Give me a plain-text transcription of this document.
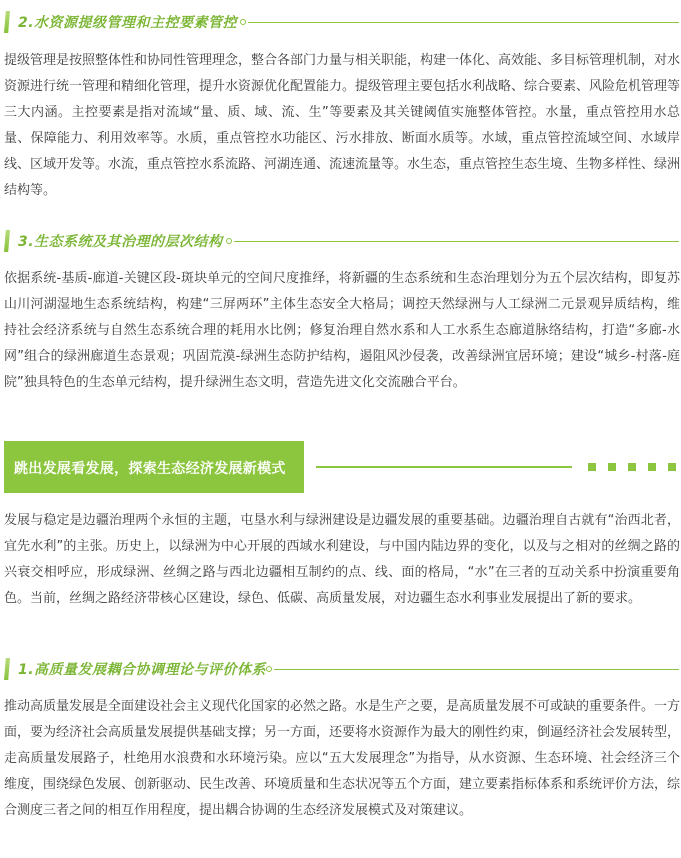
2.水资源提级管理和主控要素管控

提级管理是按照整体性和协同性管理理念，整合各部门力量与相关职能，构建一体化、高效能、多目标管理机制，对水资源进行统一管理和精细化管理，提升水资源优化配置能力。提级管理主要包括水利战略、综合要素、风险危机管理等三大内涵。主控要素是指对流域“量、质、域、流、生”等要素及其关键阈值实施整体管控。水量，重点管控用水总量、保障能力、利用效率等。水质，重点管控水功能区、污水排放、断面水质等。水域，重点管控流域空间、水域岸线、区域开发等。水流，重点管控水系流路、河湖连通、流速流量等。水生态，重点管控生态生境、生物多样性、绿洲结构等。

3.生态系统及其治理的层次结构

依据系统-基质-廊道-关键区段-斑块单元的空间尺度推绎，将新疆的生态系统和生态治理划分为五个层次结构，即复苏山川河湖湿地生态系统结构，构建“三屏两环”主体生态安全大格局；调控天然绿洲与人工绿洲二元景观异质结构，维持社会经济系统与自然生态系统合理的耗用水比例；修复治理自然水系和人工水系生态廊道脉络结构，打造“多廊-水网”组合的绿洲廊道生态景观；巩固荒漠-绿洲生态防护结构，遏阻风沙侵袭，改善绿洲宜居环境；建设“城乡-村落-庭院”独具特色的生态单元结构，提升绿洲生态文明，营造先进文化交流融合平台。

跳出发展看发展，探索生态经济发展新模式

发展与稳定是边疆治理两个永恒的主题，屯垦水利与绿洲建设是边疆发展的重要基础。边疆治理自古就有“治西北者，宜先水利”的主张。历史上，以绿洲为中心开展的西域水利建设，与中国内陆边界的变化，以及与之相对的丝绸之路的兴衰交相呼应，形成绿洲、丝绸之路与西北边疆相互制约的点、线、面的格局，“水”在三者的互动关系中扮演重要角色。当前，丝绸之路经济带核心区建设，绿色、低碳、高质量发展，对边疆生态水利事业发展提出了新的要求。

1.高质量发展耦合协调理论与评价体系

推动高质量发展是全面建设社会主义现代化国家的必然之路。水是生产之要，是高质量发展不可或缺的重要条件。一方面，要为经济社会高质量发展提供基础支撑；另一方面，还要将水资源作为最大的刚性约束，倒逼经济社会发展转型，走高质量发展路子，杜绝用水浪费和水环境污染。应以“五大发展理念”为指导，从水资源、生态环境、社会经济三个维度，围绕绿色发展、创新驱动、民生改善、环境质量和生态状况等五个方面，建立要素指标体系和系统评价方法，综合测度三者之间的相互作用程度，提出耦合协调的生态经济发展模式及对策建议。
